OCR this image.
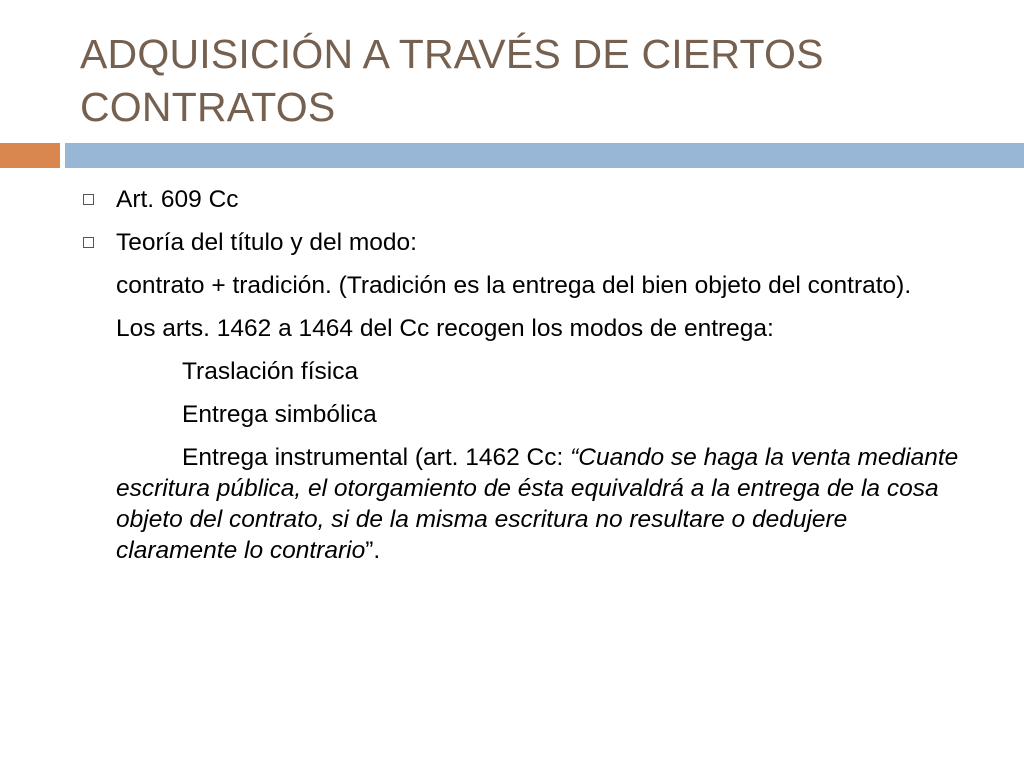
ADQUISICIÓN A TRAVÉS DE CIERTOS CONTRATOS
Art. 609 Cc
Teoría del título y del modo:
contrato + tradición. (Tradición es la entrega del bien objeto del contrato).
Los arts. 1462 a 1464 del Cc recogen los modos de entrega:
Traslación física
Entrega simbólica
Entrega instrumental (art. 1462 Cc: “Cuando se haga la venta mediante escritura pública, el otorgamiento de ésta equivaldrá a la entrega de la cosa objeto del contrato, si de la misma escritura no resultare o dedujere claramente lo contrario”.
